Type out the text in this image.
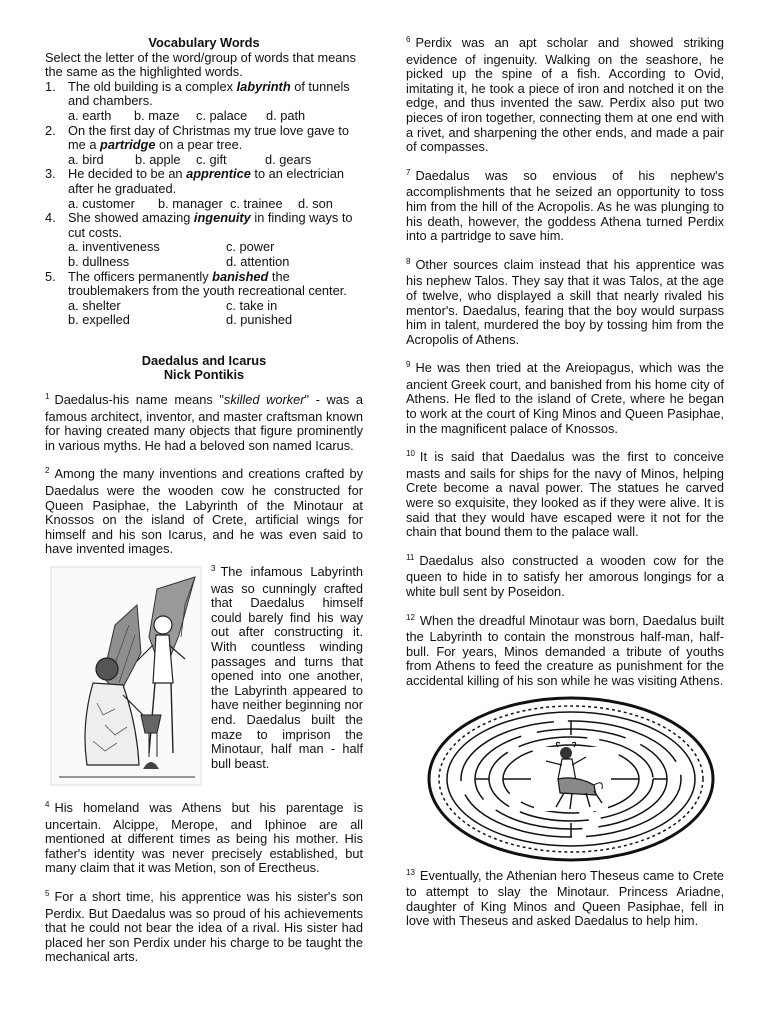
Vocabulary Words
Select the letter of the word/group of words that means the same as the highlighted words.
1. The old building is a complex labyrinth of tunnels and chambers.
a. earth	b. maze	c. palace	d. path
2. On the first day of Christmas my true love gave to me a partridge on a pear tree.
a. bird	b. apple	c. gift	d. gears
3. He decided to be an apprentice to an electrician after he graduated.
a. customer	b. manager c. trainee	d. son
4. She showed amazing ingenuity in finding ways to cut costs.
a. inventiveness	c. power
b. dullness	d. attention
5. The officers permanently banished the troublemakers from the youth recreational center.
a. shelter	c. take in
b. expelled	d. punished
Daedalus and Icarus
Nick Pontikis

$^1$ Daedalus-his name means "skilled worker" - was a famous architect, inventor, and master craftsman known for having created many objects that figure prominently in various myths. He had a beloved son named Icarus.

$^2$ Among the many inventions and creations crafted by Daedalus were the wooden cow he constructed for Queen Pasiphae, the Labyrinth of the Minotaur at Knossos on the island of Crete, artificial wings for himself and his son Icarus, and he was even said to have invented images.

$^3$ The infamous Labyrinth was so cunningly crafted that Daedalus himself could barely find his way out after constructing it. With countless winding passages and turns that opened into one another, the Labyrinth appeared to have neither beginning nor end. Daedalus built the maze to imprison the Minotaur, half man - half bull beast.

$^4$ His homeland was Athens but his parentage is uncertain. Alcippe, Merope, and Iphinoe are all mentioned at different times as being his mother. His father's identity was never precisely established, but many claim that it was Metion, son of Erectheus.

$^5$ For a short time, his apprentice was his sister's son Perdix. But Daedalus was so proud of his achievements that he could not bear the idea of a rival. His sister had placed her son Perdix under his charge to be taught the mechanical arts.

$^6$ Perdix was an apt scholar and showed striking evidence of ingenuity. Walking on the seashore, he picked up the spine of a fish. According to Ovid, imitating it, he took a piece of iron and notched it on the edge, and thus invented the saw. Perdix also put two pieces of iron together, connecting them at one end with a rivet, and sharpening the other ends, and made a pair of compasses.

$^7$ Daedalus was so envious of his nephew's accomplishments that he seized an opportunity to toss him from the hill of the Acropolis. As he was plunging to his death, however, the goddess Athena turned Perdix into a partridge to save him.

$^8$ Other sources claim instead that his apprentice was his nephew Talos. They say that it was Talos, at the age of twelve, who displayed a skill that nearly rivaled his mentor's. Daedalus, fearing that the boy would surpass him in talent, murdered the boy by tossing him from the Acropolis of Athens.

$^9$ He was then tried at the Areiopagus, which was the ancient Greek court, and banished from his home city of Athens. He fled to the island of Crete, where he began to work at the court of King Minos and Queen Pasiphae, in the magnificent palace of Knossos.

$^{10}$ It is said that Daedalus was the first to conceive masts and sails for ships for the navy of Minos, helping Crete become a naval power. The statues he carved were so exquisite, they looked as if they were alive. It is said that they would have escaped were it not for the chain that bound them to the palace wall.

$^{11}$ Daedalus also constructed a wooden cow for the queen to hide in to satisfy her amorous longings for a white bull sent by Poseidon.

$^{12}$ When the dreadful Minotaur was born, Daedalus built the Labyrinth to contain the monstrous half-man, half-bull. For years, Minos demanded a tribute of youths from Athens to feed the creature as punishment for the accidental killing of his son while he was visiting Athens.

$^{13}$ Eventually, the Athenian hero Theseus came to Crete to attempt to slay the Minotaur. Princess Ariadne, daughter of King Minos and Queen Pasiphae, fell in love with Theseus and asked Daedalus to help him.
